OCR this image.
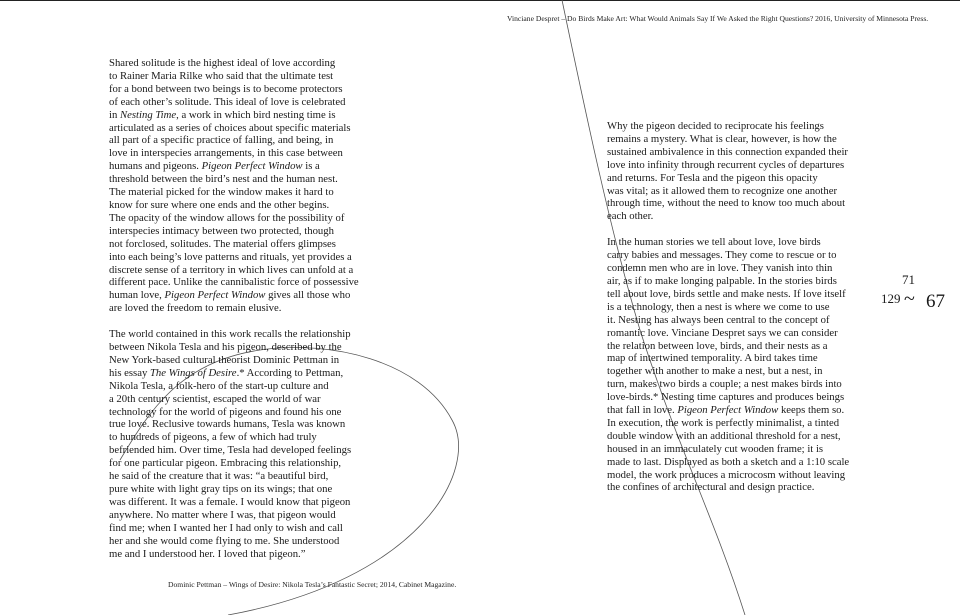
Vinciane Despret – Do Birds Make Art: What Would Animals Say If We Asked the Right Questions? 2016, University of Minnesota Press.

Shared solitude is the highest ideal of love according
to Rainer Maria Rilke who said that the ultimate test
for a bond between two beings is to become protectors
of each other’s solitude. This ideal of love is celebrated
in Nesting Time, a work in which bird nesting time is
articulated as a series of choices about specific materials
all part of a specific practice of falling, and being, in
love in interspecies arrangements, in this case between
humans and pigeons. Pigeon Perfect Window is a
threshold between the bird’s nest and the human nest.
The material picked for the window makes it hard to
know for sure where one ends and the other begins.
The opacity of the window allows for the possibility of
interspecies intimacy between two protected, though
not forclosed, solitudes. The material offers glimpses
into each being’s love patterns and rituals, yet provides a
discrete sense of a territory in which lives can unfold at a
different pace. Unlike the cannibalistic force of possessive
human love, Pigeon Perfect Window gives all those who
are loved the freedom to remain elusive.

The world contained in this work recalls the relationship
between Nikola Tesla and his pigeon, described by the
New York-based cultural theorist Dominic Pettman in
his essay The Wings of Desire.* According to Pettman,
Nikola Tesla, a folk-hero of the start-up culture and
a 20th century scientist, escaped the world of war
technology for the world of pigeons and found his one
true love. Reclusive towards humans, Tesla was known
to hundreds of pigeons, a few of which had truly
befriended him. Over time, Tesla had developed feelings
for one particular pigeon. Embracing this relationship,
he said of the creature that it was: “a beautiful bird,
pure white with light gray tips on its wings; that one
was different. It was a female. I would know that pigeon
anywhere. No matter where I was, that pigeon would
find me; when I wanted her I had only to wish and call
her and she would come flying to me. She understood
me and I understood her. I loved that pigeon.”

Why the pigeon decided to reciprocate his feelings
remains a mystery. What is clear, however, is how the
sustained ambivalence in this connection expanded their
love into infinity through recurrent cycles of departures
and returns. For Tesla and the pigeon this opacity
was vital; as it allowed them to recognize one another
through time, without the need to know too much about
each other.

In the human stories we tell about love, love birds
carry babies and messages. They come to rescue or to
condemn men who are in love. They vanish into thin
air, as if to make longing palpable. In the stories birds
tell about love, birds settle and make nests. If love itself
is a technology, then a nest is where we come to use
it. Nesting has always been central to the concept of
romantic love. Vinciane Despret says we can consider
the relation between love, birds, and their nests as a
map of intertwined temporality. A bird takes time
together with another to make a nest, but a nest, in
turn, makes two birds a couple; a nest makes birds into
love-birds.* Nesting time captures and produces beings
that fall in love. Pigeon Perfect Window keeps them so.
In execution, the work is perfectly minimalist, a tinted
double window with an additional threshold for a nest,
housed in an immaculately cut wooden frame; it is
made to last. Displayed as both a sketch and a 1:10 scale
model, the work produces a microcosm without leaving
the confines of architectural and design practice.

71
129 ~ 67
Dominic Pettman – Wings of Desire: Nikola Tesla’s Fantastic Secret; 2014, Cabinet Magazine.
